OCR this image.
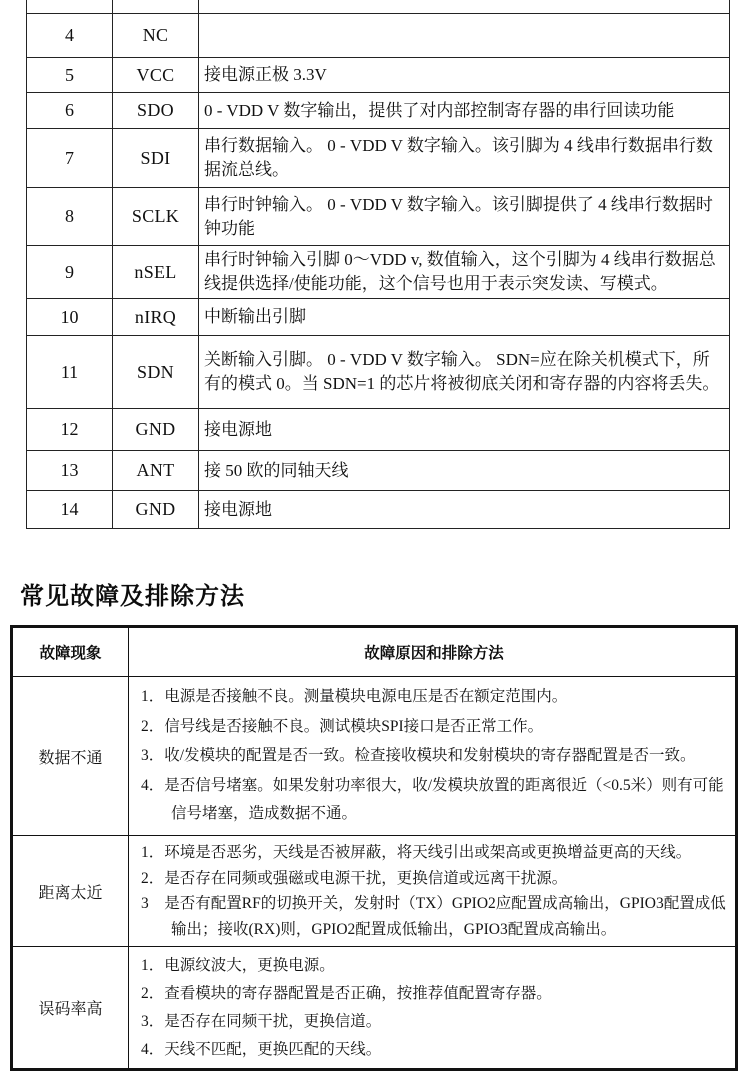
4	NC	
5	VCC	接电源正极 3.3V
6	SDO	0 - VDD V 数字输出，提供了对内部控制寄存器的串行回读功能
7	SDI	串行数据输入。 0 - VDD V 数字输入。该引脚为 4 线串行数据串行数据流总线。
8	SCLK	串行时钟输入。 0 - VDD V 数字输入。该引脚提供了 4 线串行数据时钟功能
9	nSEL	串行时钟输入引脚 0～VDD v, 数值输入，这个引脚为 4 线串行数据总线提供选择/使能功能，这个信号也用于表示突发读、写模式。
10	nIRQ	中断输出引脚
11	SDN	关断输入引脚。 0 - VDD V 数字输入。 SDN=应在除关机模式下，所有的模式 0。当 SDN=1 的芯片将被彻底关闭和寄存器的内容将丢失。
12	GND	接电源地
13	ANT	接 50 欧的同轴天线
14	GND	接电源地
常见故障及排除方法
故障现象	故障原因和排除方法
数据不通	1．电源是否接触不良。测量模块电源电压是否在额定范围内。
2．信号线是否接触不良。测试模块SPI接口是否正常工作。
3．收/发模块的配置是否一致。检查接收模块和发射模块的寄存器配置是否一致。
4．是否信号堵塞。如果发射功率很大，收/发模块放置的距离很近（<0.5米）则有可能信号堵塞，造成数据不通。

距离太近	1．环境是否恶劣，天线是否被屏蔽，将天线引出或架高或更换增益更高的天线。
2．是否存在同频或强磁或电源干扰，更换信道或远离干扰源。
3　是否有配置RF的切换开关，发射时（TX）GPIO2应配置成高输出，GPIO3配置成低输出；接收(RX)则，GPIO2配置成低输出，GPIO3配置成高输出。

误码率高	1．电源纹波大，更换电源。
2．查看模块的寄存器配置是否正确，按推荐值配置寄存器。
3．是否存在同频干扰，更换信道。
4．天线不匹配，更换匹配的天线。
